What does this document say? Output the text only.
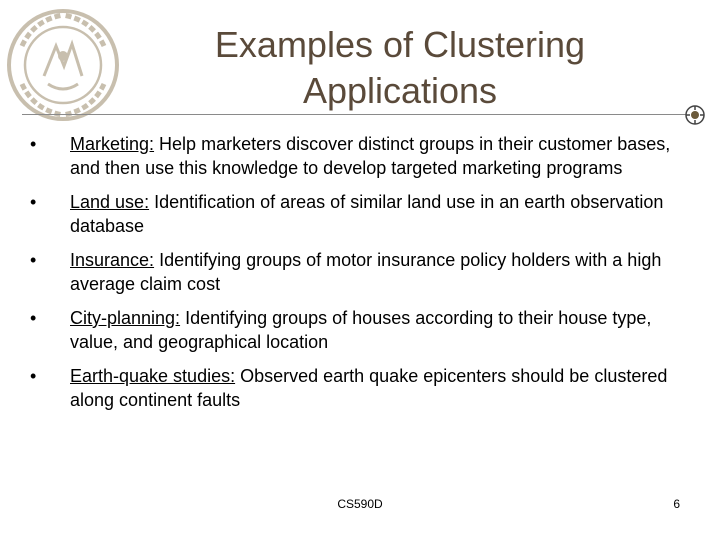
Examples of Clustering
Applications
•	Marketing: Help marketers discover distinct groups in their customer bases, and then use this knowledge to develop targeted marketing programs
•	Land use: Identification of areas of similar land use in an earth observation database
•	Insurance: Identifying groups of motor insurance policy holders with a high average claim cost
•	City-planning: Identifying groups of houses according to their house type, value, and geographical location
•	Earth-quake studies: Observed earth quake epicenters should be clustered along continent faults
CS590D	6
